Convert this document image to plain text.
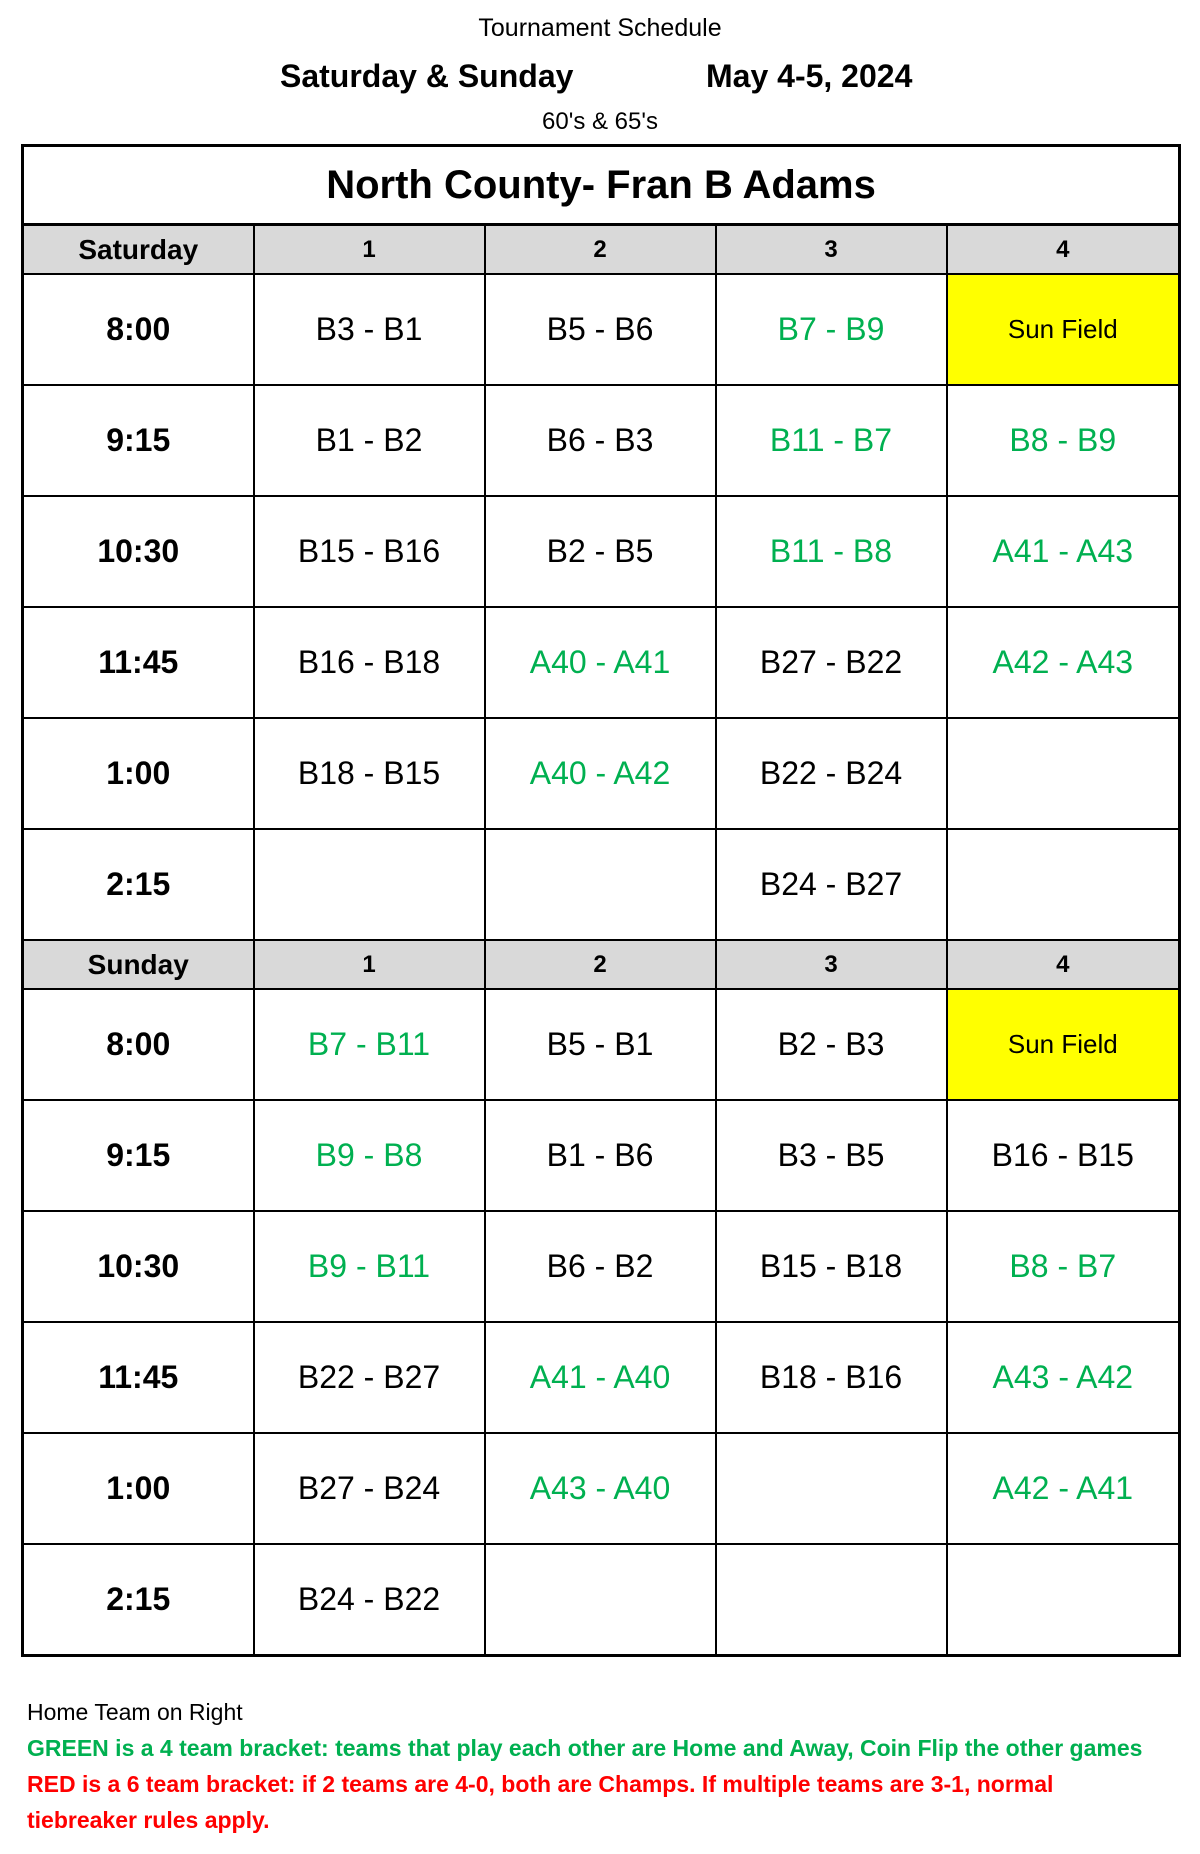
Tournament Schedule
Saturday & Sunday	May 4-5, 2024
60's & 65's
North County- Fran B Adams				
Saturday	1	2	3	4
8:00	B3 - B1	B5 - B6	B7 - B9	Sun Field
9:15	B1 - B2	B6 - B3	B11 - B7	B8 - B9
10:30	B15 - B16	B2 - B5	B11 - B8	A41 - A43
11:45	B16 - B18	A40 - A41	B27 - B22	A42 - A43
1:00	B18 - B15	A40 - A42	B22 - B24	
2:15			B24 - B27	
Sunday	1	2	3	4
8:00	B7 - B11	B5 - B1	B2 - B3	Sun Field
9:15	B9 - B8	B1 - B6	B3 - B5	B16 - B15
10:30	B9 - B11	B6 - B2	B15 - B18	B8 - B7
11:45	B22 - B27	A41 - A40	B18 - B16	A43 - A42
1:00	B27 - B24	A43 - A40		A42 - A41
2:15	B24 - B22			
Home Team on Right
GREEN is a 4 team bracket: teams that play each other are Home and Away, Coin Flip the other games
RED is a 6 team bracket: if 2 teams are 4-0, both are Champs. If multiple teams are 3-1, normal
tiebreaker rules apply.
